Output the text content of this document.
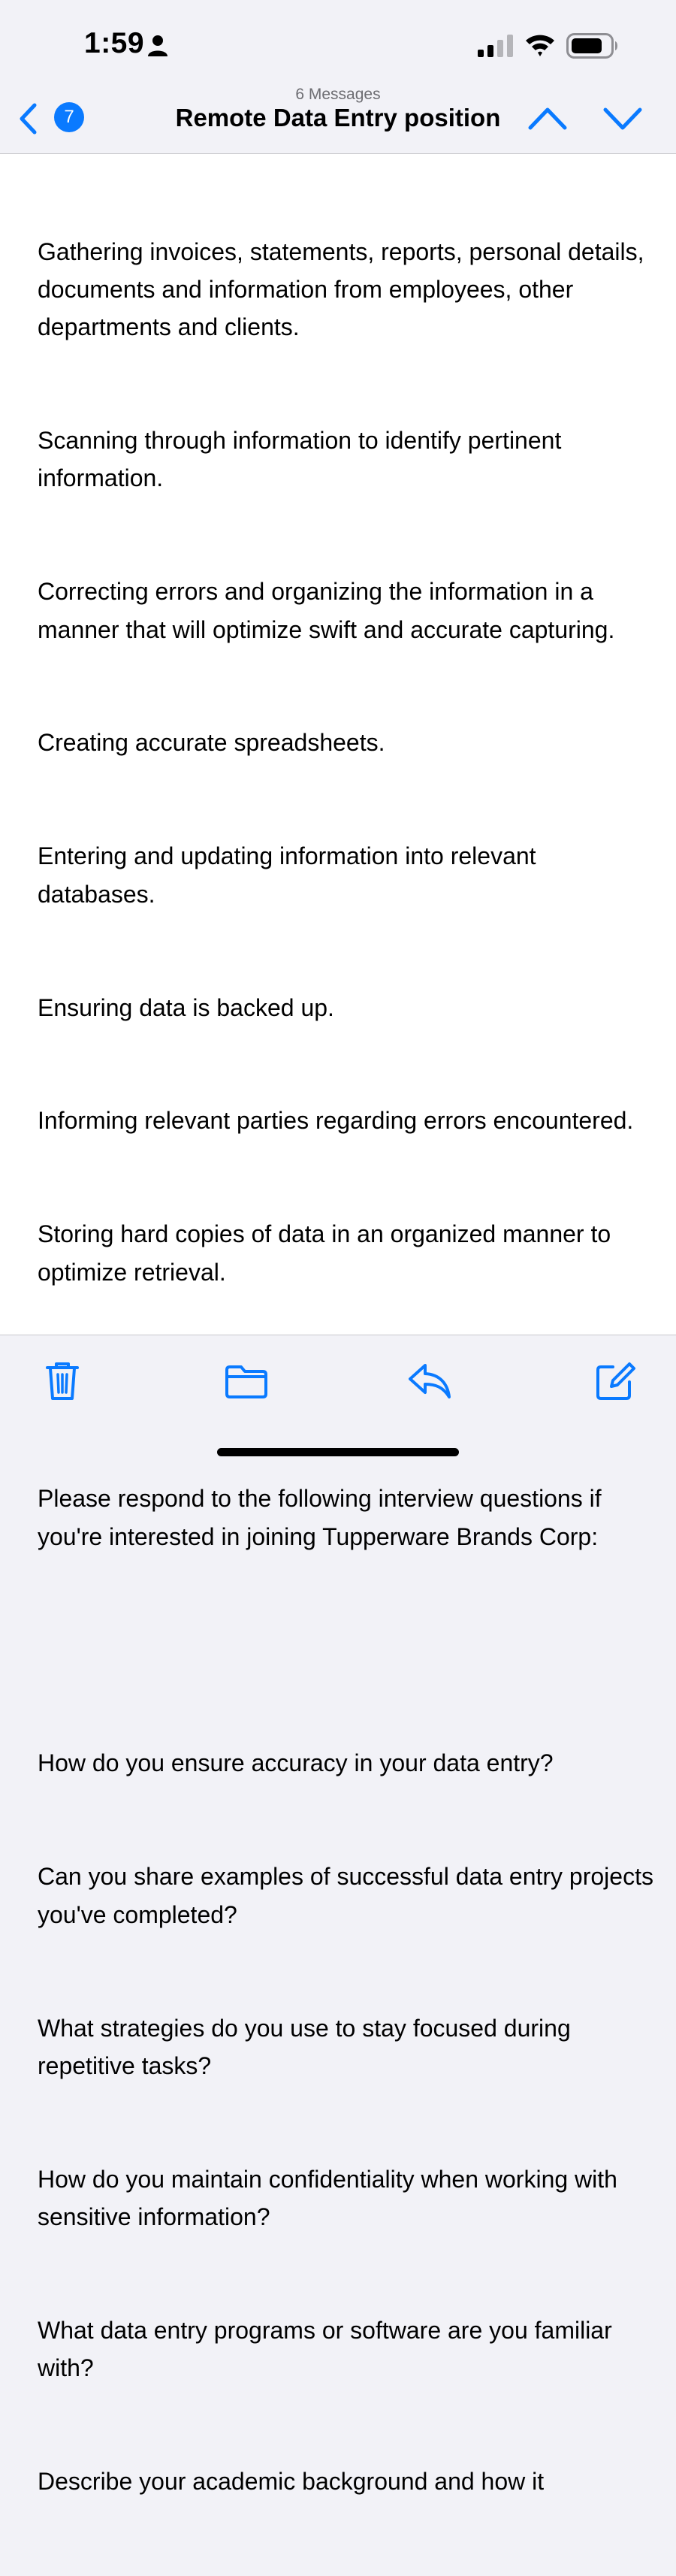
1:59
6 Messages
7	Remote Data Entry position

Gathering invoices, statements, reports, personal details, documents and information from employees, other departments and clients.

Scanning through information to identify pertinent information.

Correcting errors and organizing the information in a manner that will optimize swift and accurate capturing.

Creating accurate spreadsheets.

Entering and updating information into relevant databases.

Ensuring data is backed up.

Informing relevant parties regarding errors encountered.

Storing hard copies of data in an organized manner to optimize retrieval.

Please respond to the following interview questions if you're interested in joining Tupperware Brands Corp:

How do you ensure accuracy in your data entry?

Can you share examples of successful data entry projects you've completed?

What strategies do you use to stay focused during repetitive tasks?

How do you maintain confidentiality when working with sensitive information?

What data entry programs or software are you familiar with?

Describe your academic background and how it
